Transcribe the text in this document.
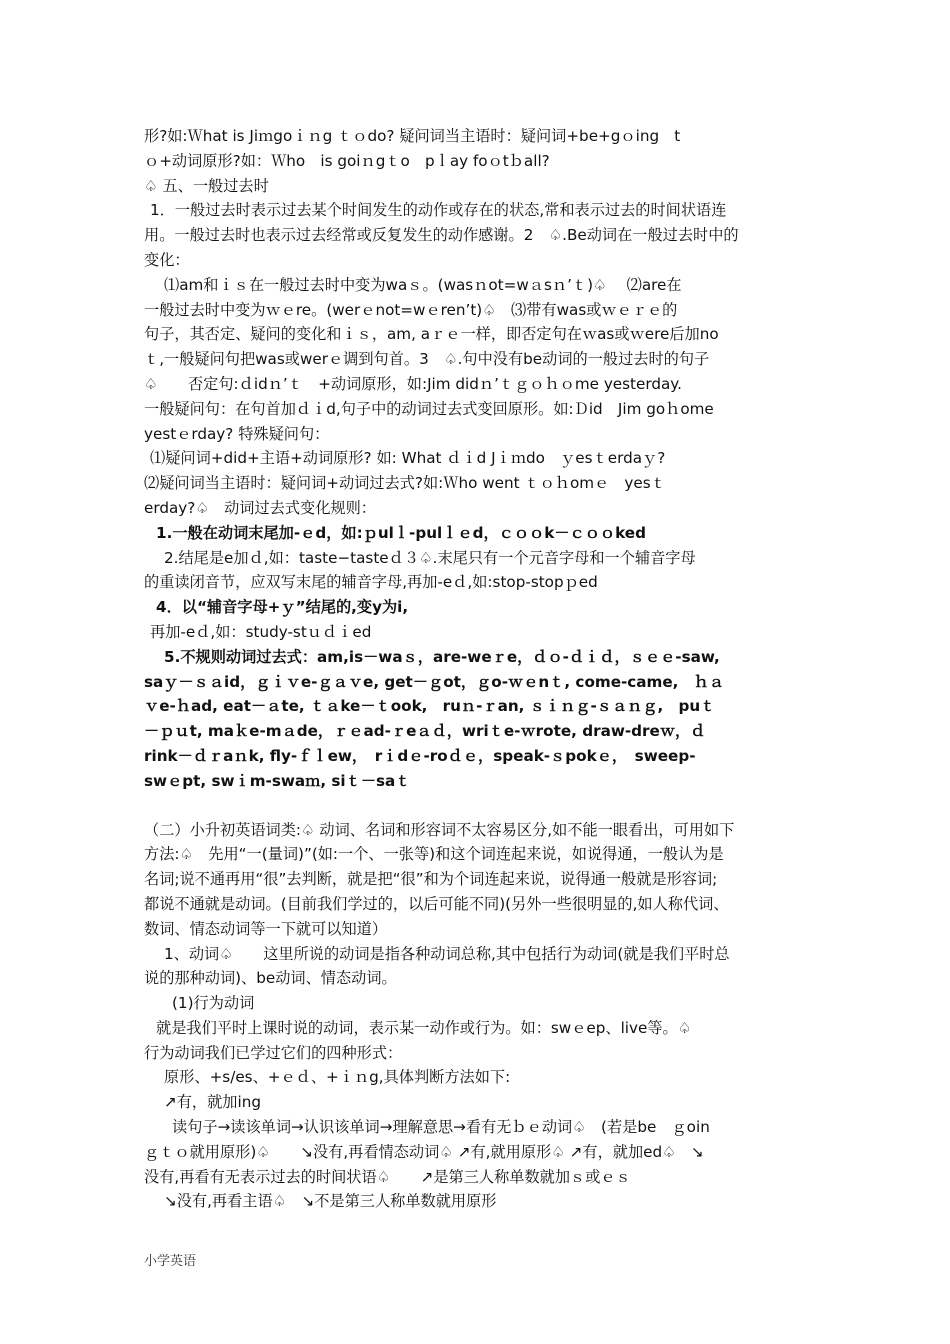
形?如:Ｗhat is Jiｍgoｉｎg ｔｏdo? 疑问词当主语时：疑问词+be+gｏing　t
ｏ+动词原形?如：Ｗho　is goiｎgｔo　pｌay foｏtｂall?
♤ 五、一般过去时
1．一般过去时表示过去某个时间发生的动作或存在的状态,常和表示过去的时间状语连
用。一般过去时也表示过去经常或反复发生的动作感谢。2　♤.Be动词在一般过去时中的
变化：
⑴am和ｉｓ在一般过去时中变为waｓ。(wasｎot=wａsｎ’ｔ)♤　 ⑵are在
一般过去时中变为ｗｅre。(werｅnot=wｅren’t)♤　⑶带有was或ｗｅｒｅ的
句子，其否定、疑问的变化和ｉｓ，am, aｒｅ一样，即否定句在ｗas或ｗere后加no
ｔ,一般疑问句把was或werｅ调到句首。3　♤.句中没有be动词的一般过去时的句子
♤　　否定句:ｄidｎ’ｔ　+动词原形，如:Jim didｎ’ｔｇｏｈｏme yesterday.
一般疑问句：在句首加ｄｉd,句子中的动词过去式变回原形。如:Ｄid　Jim goｈome
yestｅrday? 特殊疑问句：
⑴疑问词+did+主语+动词原形? 如: What ｄｉd Jｉｍdo　ｙesｔerdaｙ?
⑵疑问词当主语时：疑问词+动词过去式?如:Ｗho went ｔｏｈomｅ　yesｔ
erday?♤　动词过去式变化规则：
1.一般在动词末尾加-ｅd，如:ｐulｌ-pulｌｅd，ｃｏｏk－ｃｏｏked
2.结尾是e加ｄ,如：taste−tasteｄ３♤.末尾只有一个元音字母和一个辅音字母
的重读闭音节，应双写末尾的辅音字母,再加-eｄ,如:stop-stopｐed
4．以“辅音字母+ｙ”结尾的,变y为i,
再加-eｄ,如：study-stｕｄｉed
5.不规则动词过去式：am,is－waｓ，are-weｒe，ｄｏ-ｄｉｄ，ｓｅｅ-saw,
saｙ－ｓａid，ｇｉｖe-ｇａｖe, get－ｇot，ｇo-ｗｅnｔ, come-came,　ｈａ
ｖe-ｈad, eat－ａte, ｔａke－ｔook,　ruｎ-ｒan, ｓｉｎｇ-ｓａｎｇ,　puｔ
－ｐｕt, maｋe-mａde，ｒｅad-ｒeａｄ，wriｔe-ｗrote, draw-dreｗ，ｄ
rink－ｄｒaｎk, fly-ｆｌew，　rｉdｅ-roｄｅ，speak-ｓpokｅ，　sweep-
swｅpt, swｉm-swaｍ, siｔ－saｔ
（二）小升初英语词类:♤ 动词、名词和形容词不太容易区分,如不能一眼看出，可用如下
方法:♤　先用“一(量词)”(如:一个、一张等)和这个词连起来说，如说得通，一般认为是
名词;说不通再用“很”去判断，就是把“很”和为个词连起来说，说得通一般就是形容词;
都说不通就是动词。(目前我们学过的，以后可能不同)(另外一些很明显的,如人称代词、
数词、情态动词等一下就可以知道）
1、动词♤　　这里所说的动词是指各种动词总称,其中包括行为动词(就是我们平时总
说的那种动词)、be动词、情态动词。
(1)行为动词
就是我们平时上课时说的动词，表示某一动作或行为。如：swｅep、live等。♤
行为动词我们已学过它们的四种形式：
原形、+s/es、+ｅｄ、+ｉｎg,具体判断方法如下:
↗有，就加ing
读句子→读该单词→认识该单词→理解意思→看有无ｂｅ动词♤　(若是be　ｇoin
ｇｔｏ就用原形)♤　　↘没有,再看情态动词♤ ↗有,就用原形♤ ↗有，就加ed♤　↘
没有,再看有无表示过去的时间状语♤　　↗是第三人称单数就加ｓ或ｅｓ
↘没有,再看主语♤　↘不是第三人称单数就用原形
小学英语
